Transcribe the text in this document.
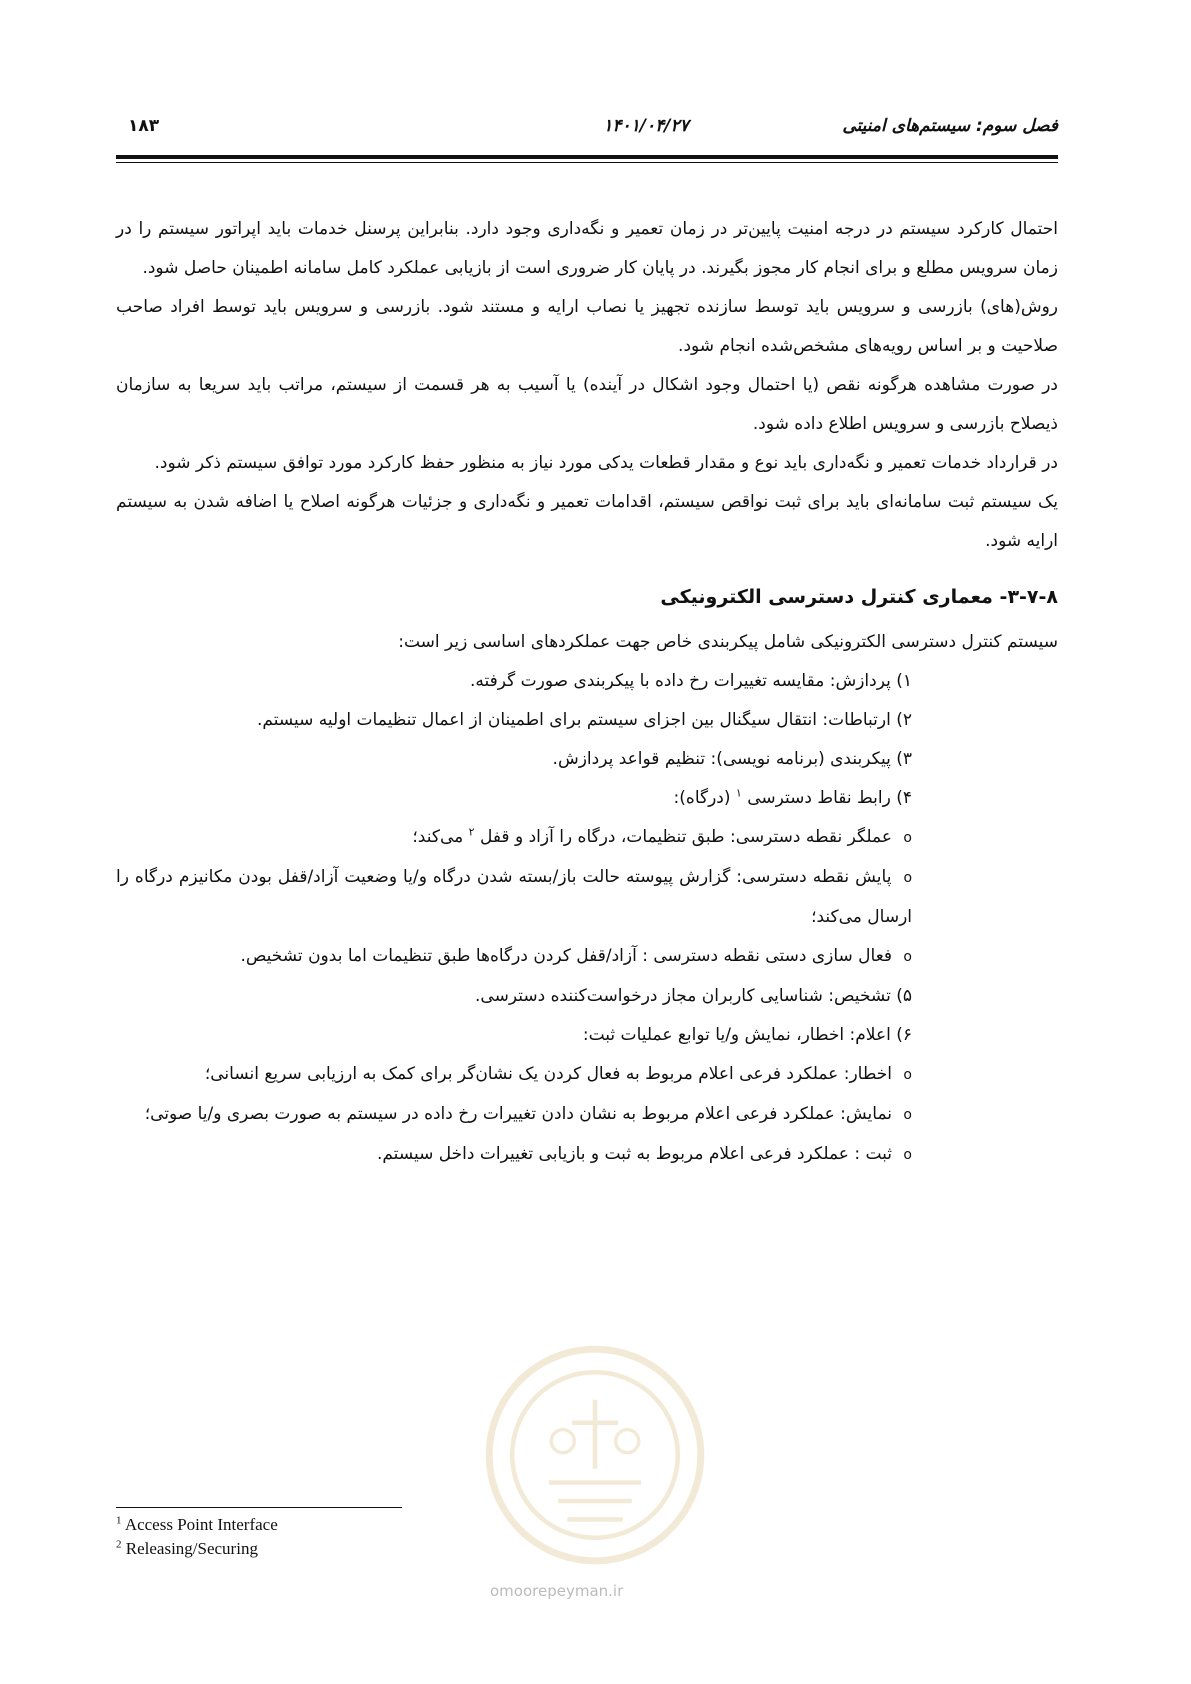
فصل سوم: سیستم‌های امنیتی
۱۴۰۱/۰۴/۲۷
۱۸۳

احتمال کارکرد سیستم در درجه امنیت پایین‌تر در زمان تعمیر و نگه‌داری وجود دارد. بنابراین پرسنل خدمات باید اپراتور سیستم را در زمان سرویس مطلع و برای انجام کار مجوز بگیرند. در پایان کار ضروری است از بازیابی عملکرد کامل سامانه اطمینان حاصل شود.

روش(های) بازرسی و سرویس باید توسط سازنده تجهیز یا نصاب ارایه و مستند شود. بازرسی و سرویس باید توسط افراد صاحب صلاحیت و بر اساس رویه‌های مشخص‌شده انجام شود.

در صورت مشاهده هرگونه نقص (یا احتمال وجود اشکال در آینده) یا آسیب به هر قسمت از سیستم، مراتب باید سریعا به سازمان ذیصلاح بازرسی و سرویس اطلاع داده شود.

در قرارداد خدمات تعمیر و نگه‌داری باید نوع و مقدار قطعات یدکی مورد نیاز به منظور حفظ کارکرد مورد توافق سیستم ذکر شود.

یک سیستم ثبت سامانه‌ای باید برای ثبت نواقص سیستم، اقدامات تعمیر و نگه‌داری و جزئیات هرگونه اصلاح یا اضافه شدن به سیستم ارایه شود.

۳-۷-۸- معماری کنترل دسترسی الکترونیکی

سیستم کنترل دسترسی الکترونیکی شامل پیکربندی خاص جهت عملکردهای اساسی زیر است:

۱) پردازش: مقایسه تغییرات رخ داده با پیکربندی صورت گرفته.
۲) ارتباطات: انتقال سیگنال بین اجزای سیستم برای اطمینان از اعمال تنظیمات اولیه سیستم.
۳) پیکربندی (برنامه نویسی): تنظیم قواعد پردازش.
۴) رابط نقاط دسترسی $^۱$ (درگاه):
o عملگر نقطه دسترسی: طبق تنظیمات، درگاه را آزاد و قفل $^۲$ می‌کند؛
o پایش نقطه دسترسی: گزارش پیوسته حالت باز/بسته شدن درگاه و/یا وضعیت آزاد/قفل بودن مکانیزم درگاه را ارسال می‌کند؛
o فعال سازی دستی نقطه دسترسی : آزاد/قفل کردن درگاه‌ها طبق تنظیمات اما بدون تشخیص.
۵) تشخیص: شناسایی کاربران مجاز درخواست‌کننده دسترسی.
۶) اعلام: اخطار، نمایش و/یا توابع عملیات ثبت:
o اخطار: عملکرد فرعی اعلام مربوط به فعال کردن یک نشان‌گر برای کمک به ارزیابی سریع انسانی؛
o نمایش: عملکرد فرعی اعلام مربوط به نشان دادن تغییرات رخ داده در سیستم به صورت بصری و/یا صوتی؛
o ثبت : عملکرد فرعی اعلام مربوط به ثبت و بازیابی تغییرات داخل سیستم.
omoorepeyman.ir
$^1$ Access Point Interface
$^2$ Releasing/Securing
